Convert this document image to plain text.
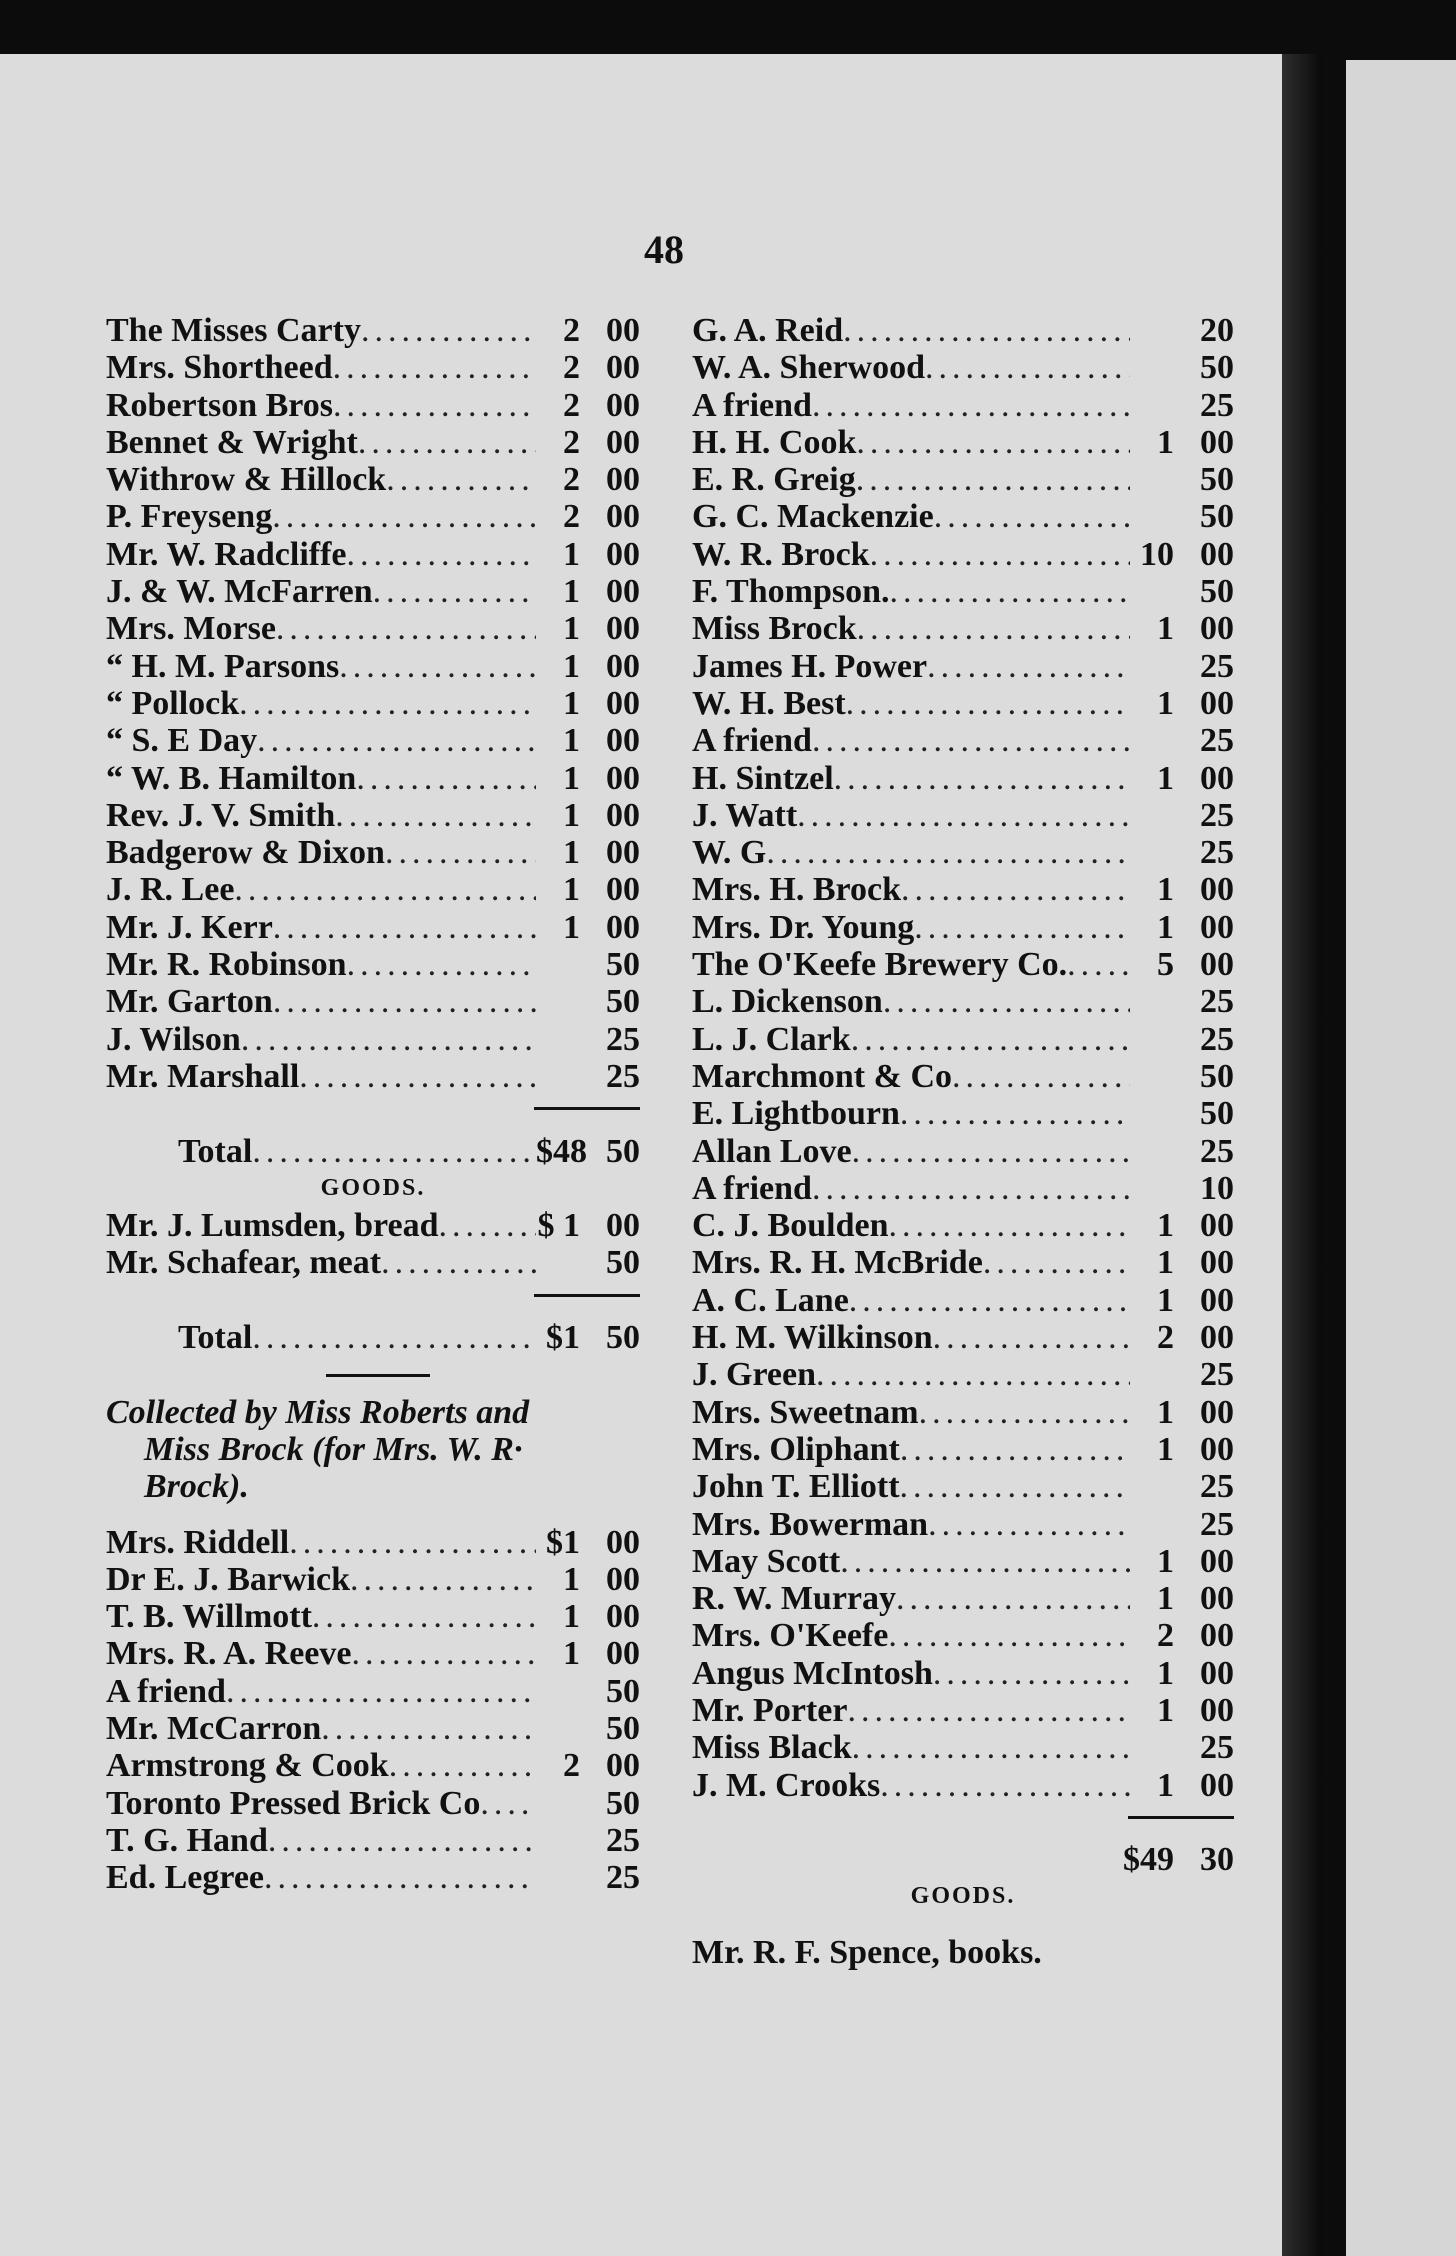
48
The Misses Carty .....	2 00
Mrs. Shortheed .....	2 00
Robertson Bros .....	2 00
Bennet & Wright .....	2 00
Withrow & Hillock .....	2 00
P. Freyseng .....	2 00
Mr. W. Radcliffe .....	1 00
J. & W. McFarren .....	1 00
Mrs. Morse .....	1 00
“ H. M. Parsons .....	1 00
“ Pollock .....	1 00
“ S. E Day .....	1 00
“ W. B. Hamilton .....	1 00
Rev. J. V. Smith .....	1 00
Badgerow & Dixon .....	1 00
J. R. Lee .....	1 00
Mr. J. Kerr .....	1 00
Mr. R. Robinson .....	50
Mr. Garton .....	50
J. Wilson .....	25
Mr. Marshall .....	25
Total .....	$48 50
GOODS.
Mr. J. Lumsden, bread .....	$ 1 00
Mr. Schafear, meat .....	50
Total .....	$1 50
Collected by Miss Roberts and
Miss Brock (for Mrs. W. R·
Brock).
Mrs. Riddell .....	$1 00
Dr E. J. Barwick .....	1 00
T. B. Willmott .....	1 00
Mrs. R. A. Reeve .....	1 00
A friend .....	50
Mr. McCarron .....	50
Armstrong & Cook .....	2 00
Toronto Pressed Brick Co .....	50
T. G. Hand .....	25
Ed. Legree .....	25
G. A. Reid .....	20
W. A. Sherwood .....	50
A friend .....	25
H. H. Cook .....	1 00
E. R. Greig .....	50
G. C. Mackenzie .....	50
W. R. Brock .....	10 00
F. Thompson. .....	50
Miss Brock .....	1 00
James H. Power .....	25
W. H. Best .....	1 00
A friend .....	25
H. Sintzel .....	1 00
J. Watt .....	25
W. G .....	25
Mrs. H. Brock .....	1 00
Mrs. Dr. Young .....	1 00
The O'Keefe Brewery Co. .....	5 00
L. Dickenson .....	25
L. J. Clark .....	25
Marchmont & Co .....	50
E. Lightbourn .....	50
Allan Love .....	25
A friend .....	10
C. J. Boulden .....	1 00
Mrs. R. H. McBride .....	1 00
A. C. Lane .....	1 00
H. M. Wilkinson .....	2 00
J. Green .....	25
Mrs. Sweetnam .....	1 00
Mrs. Oliphant .....	1 00
John T. Elliott .....	25
Mrs. Bowerman .....	25
May Scott .....	1 00
R. W. Murray .....	1 00
Mrs. O'Keefe .....	2 00
Angus McIntosh .....	1 00
Mr. Porter .....	1 00
Miss Black .....	25
J. M. Crooks .....	1 00
$49 30
GOODS.
Mr. R. F. Spence, books.
